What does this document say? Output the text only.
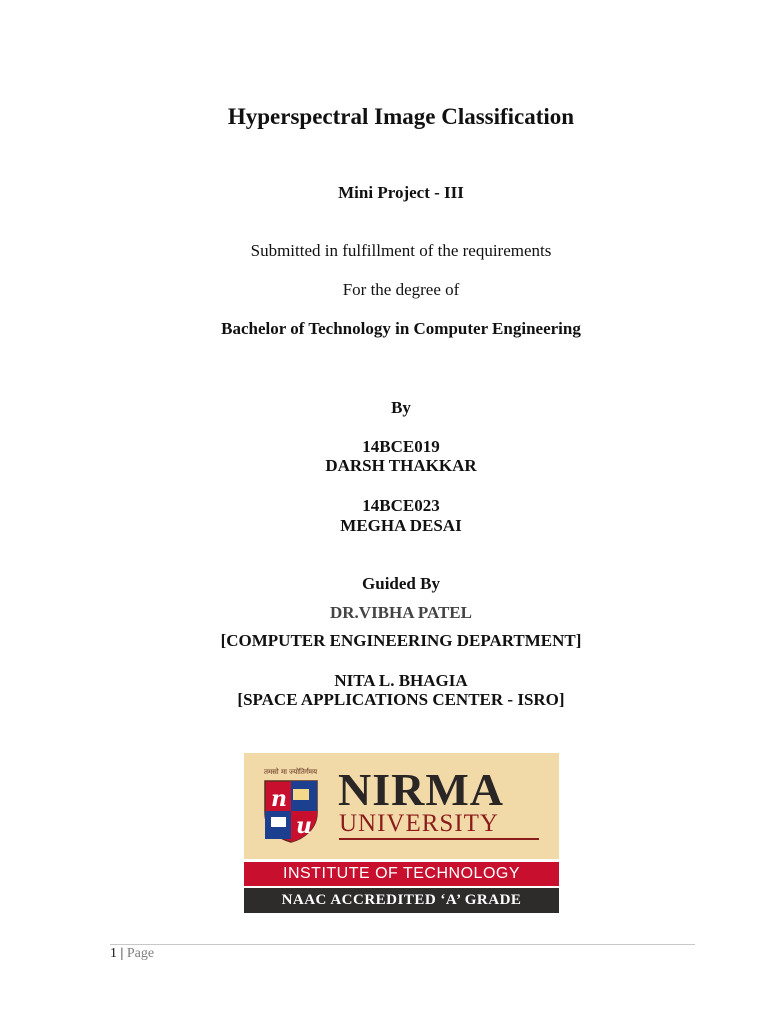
Hyperspectral Image Classification
Mini Project - III
Submitted in fulfillment of the requirements
For the degree of
Bachelor of Technology in Computer Engineering
By
14BCE019
DARSH THAKKAR
14BCE023
MEGHA DESAI
Guided By
DR.VIBHA PATEL
[COMPUTER ENGINEERING DEPARTMENT]
NITA L. BHAGIA
[SPACE APPLICATIONS CENTER - ISRO]
तमसो मा ज्योतिर्गमय
n
u
NIRMA
UNIVERSITY
INSTITUTE OF TECHNOLOGY
NAAC ACCREDITED ‘A’ GRADE
1 | Page
